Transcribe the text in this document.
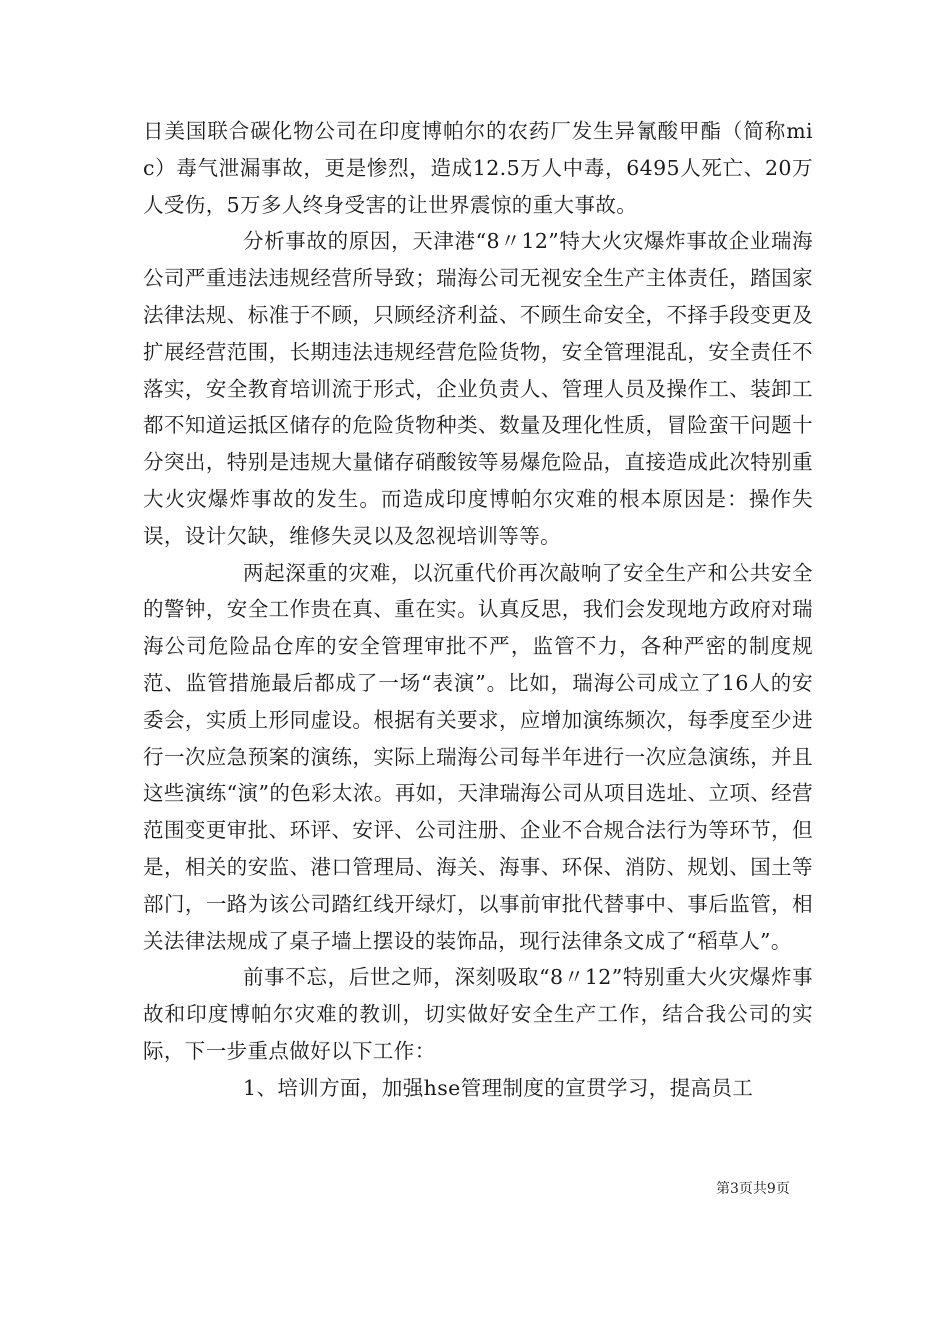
日美国联合碳化物公司在印度博帕尔的农药厂发生异氰酸甲酯（简称mic）毒气泄漏事故，更是惨烈，造成12.5万人中毒，6495人死亡、20万人受伤，5万多人终身受害的让世界震惊的重大事故。

分析事故的原因，天津港“8〃12”特大火灾爆炸事故企业瑞海公司严重违法违规经营所导致；瑞海公司无视安全生产主体责任，踏国家法律法规、标准于不顾，只顾经济利益、不顾生命安全，不择手段变更及扩展经营范围，长期违法违规经营危险货物，安全管理混乱，安全责任不落实，安全教育培训流于形式，企业负责人、管理人员及操作工、装卸工都不知道运抵区储存的危险货物种类、数量及理化性质，冒险蛮干问题十分突出，特别是违规大量储存硝酸铵等易爆危险品，直接造成此次特别重大火灾爆炸事故的发生。而造成印度博帕尔灾难的根本原因是：操作失误，设计欠缺，维修失灵以及忽视培训等等。

两起深重的灾难，以沉重代价再次敲响了安全生产和公共安全的警钟，安全工作贵在真、重在实。认真反思，我们会发现地方政府对瑞海公司危险品仓库的安全管理审批不严，监管不力，各种严密的制度规范、监管措施最后都成了一场“表演”。比如，瑞海公司成立了16人的安委会，实质上形同虚设。根据有关要求，应增加演练频次，每季度至少进行一次应急预案的演练，实际上瑞海公司每半年进行一次应急演练，并且这些演练“演”的色彩太浓。再如，天津瑞海公司从项目选址、立项、经营范围变更审批、环评、安评、公司注册、企业不合规合法行为等环节，但是，相关的安监、港口管理局、海关、海事、环保、消防、规划、国土等部门，一路为该公司踏红线开绿灯，以事前审批代替事中、事后监管，相关法律法规成了桌子墙上摆设的装饰品，现行法律条文成了“稻草人”。

前事不忘，后世之师，深刻吸取“8〃12”特别重大火灾爆炸事故和印度博帕尔灾难的教训，切实做好安全生产工作，结合我公司的实际，下一步重点做好以下工作：

1、培训方面，加强hse管理制度的宣贯学习，提高员工

第3页共9页
